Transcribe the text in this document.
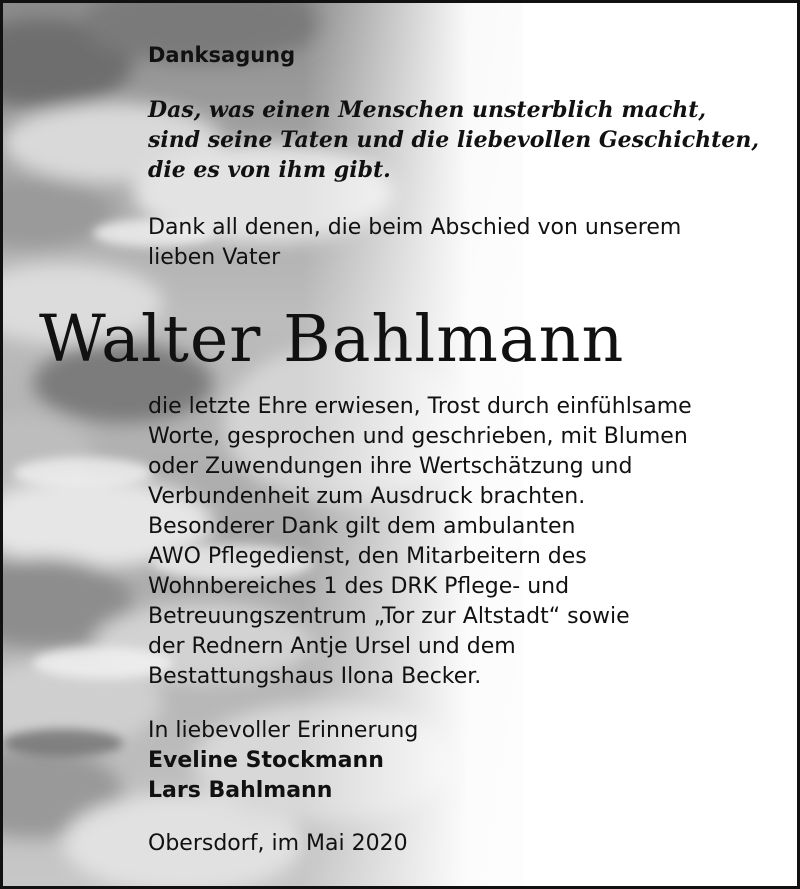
Danksagung

Das, was einen Menschen unsterblich macht,
sind seine Taten und die liebevollen Geschichten,
die es von ihm gibt.

Dank all denen, die beim Abschied von unserem
lieben Vater

Walter Bahlmann

die letzte Ehre erwiesen, Trost durch einfühlsame
Worte, gesprochen und geschrieben, mit Blumen
oder Zuwendungen ihre Wertschätzung und
Verbundenheit zum Ausdruck brachten.
Besonderer Dank gilt dem ambulanten
AWO Pflegedienst, den Mitarbeitern des
Wohnbereiches 1 des DRK Pflege- und
Betreuungszentrum „Tor zur Altstadt“ sowie
der Rednern Antje Ursel und dem
Bestattungshaus Ilona Becker.

In liebevoller Erinnerung
Eveline Stockmann
Lars Bahlmann

Obersdorf, im Mai 2020
